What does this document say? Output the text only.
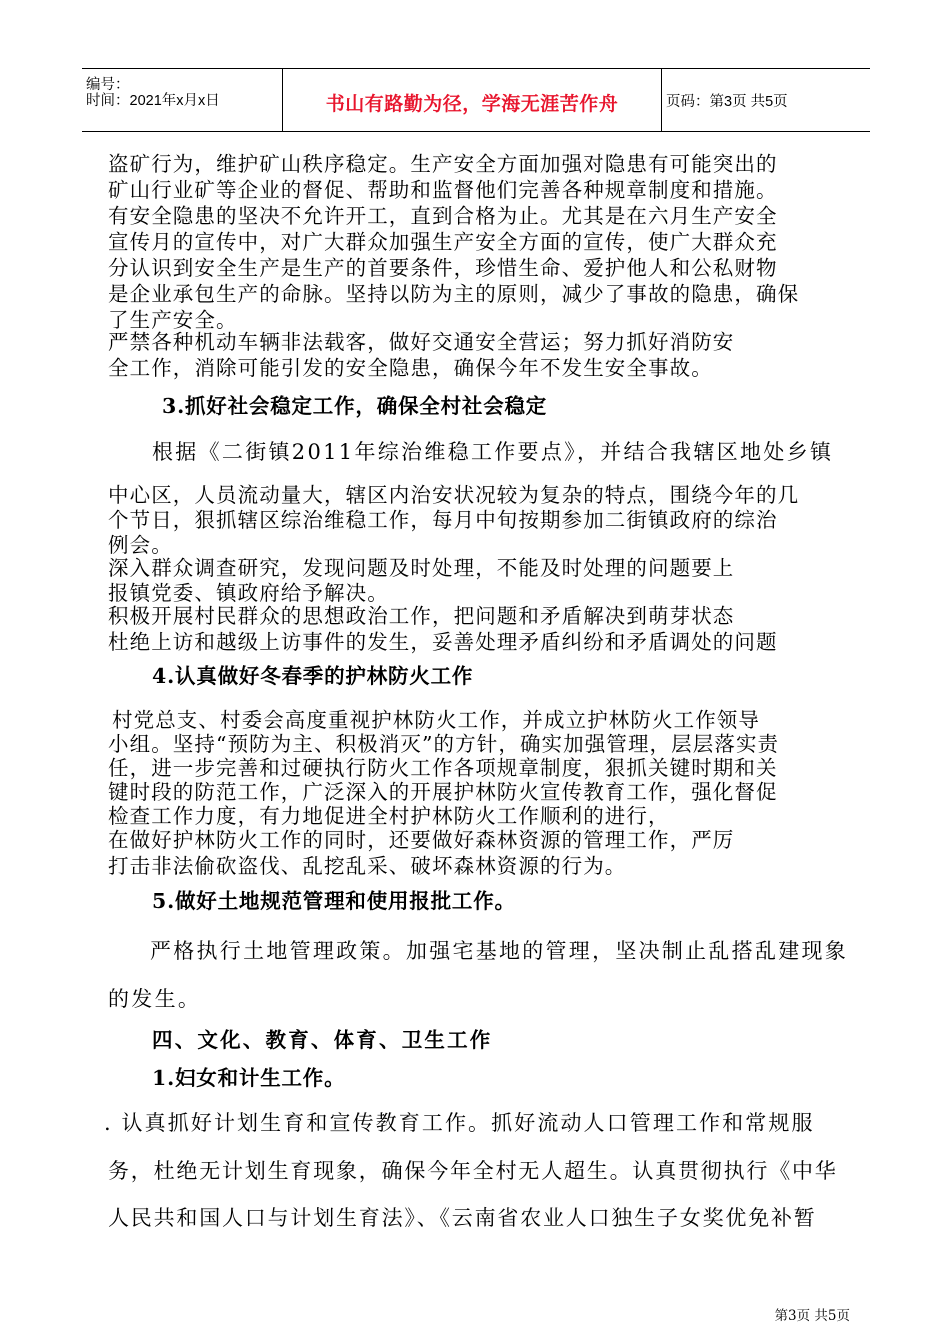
编号：
时间：2021年x月x日	书山有路勤为径，学海无涯苦作舟	页码：第3页 共5页
盗矿行为，维护矿山秩序稳定。生产安全方面加强对隐患有可能突出的
矿山行业矿等企业的督促、帮助和监督他们完善各种规章制度和措施。
有安全隐患的坚决不允许开工，直到合格为止。尤其是在六月生产安全
宣传月的宣传中，对广大群众加强生产安全方面的宣传，使广大群众充
分认识到安全生产是生产的首要条件，珍惜生命、爱护他人和公私财物
是企业承包生产的命脉。坚持以防为主的原则，减少了事故的隐患，确保
了生产安全。
严禁各种机动车辆非法载客，做好交通安全营运；努力抓好消防安
全工作，消除可能引发的安全隐患，确保今年不发生安全事故。
3.抓好社会稳定工作，确保全村社会稳定
根据《二街镇2011年综治维稳工作要点》，并结合我辖区地处乡镇
中心区，人员流动量大，辖区内治安状况较为复杂的特点，围绕今年的几
个节日，狠抓辖区综治维稳工作，每月中旬按期参加二街镇政府的综治
例会。
深入群众调查研究，发现问题及时处理，不能及时处理的问题要上
报镇党委、镇政府给予解决。
积极开展村民群众的思想政治工作，把问题和矛盾解决到萌芽状态
杜绝上访和越级上访事件的发生，妥善处理矛盾纠纷和矛盾调处的问题
4.认真做好冬春季的护林防火工作
村党总支、村委会高度重视护林防火工作，并成立护林防火工作领导
小组。坚持“预防为主、积极消灭”的方针，确实加强管理，层层落实责
任，进一步完善和过硬执行防火工作各项规章制度，狠抓关键时期和关
键时段的防范工作，广泛深入的开展护林防火宣传教育工作，强化督促
检查工作力度，有力地促进全村护林防火工作顺利的进行，
在做好护林防火工作的同时，还要做好森林资源的管理工作，严厉
打击非法偷砍盗伐、乱挖乱采、破坏森林资源的行为。
5.做好土地规范管理和使用报批工作。
严格执行土地管理政策。加强宅基地的管理，坚决制止乱搭乱建现象
的发生。
四、文化、教育、体育、卫生工作
1.妇女和计生工作。
. 认真抓好计划生育和宣传教育工作。抓好流动人口管理工作和常规服
务，杜绝无计划生育现象，确保今年全村无人超生。认真贯彻执行《中华
人民共和国人口与计划生育法》、《云南省农业人口独生子女奖优免补暂
第3页 共5页
